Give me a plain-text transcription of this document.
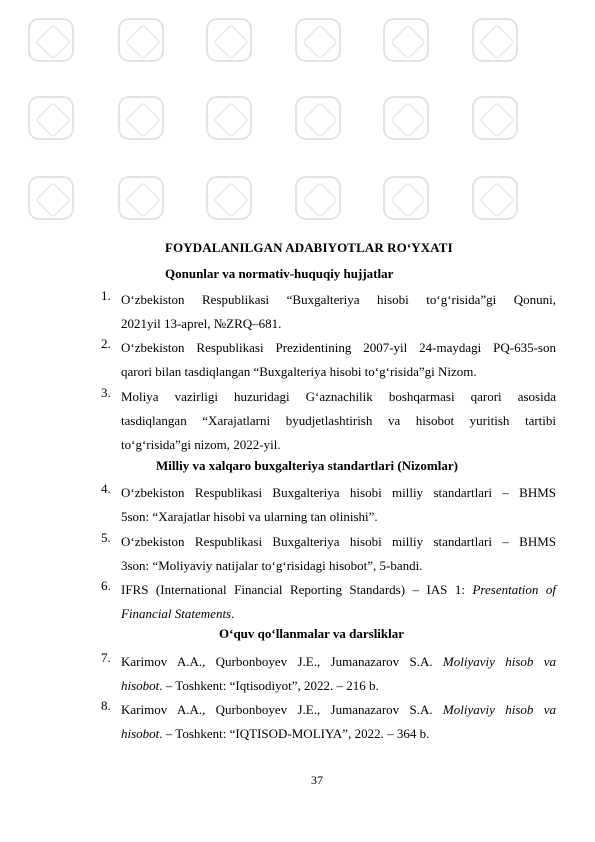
FOYDALANILGAN ADABIYOTLAR RO‘YXATI
Qonunlar va normativ-huquqiy hujjatlar
1. O‘zbekiston Respublikasi “Buxgalteriya hisobi to‘g‘risida”gi Qonuni,
2021yil 13-aprel, №ZRQ–681.
2. O‘zbekiston Respublikasi Prezidentining 2007-yil 24-maydagi PQ-635-son
qarori bilan tasdiqlangan “Buxgalteriya hisobi to‘g‘risida”gi Nizom.
3. Moliya vazirligi huzuridagi G‘aznachilik boshqarmasi qarori asosida
tasdiqlangan “Xarajatlarni byudjetlashtirish va hisobot yuritish tartibi
to‘g‘risida”gi nizom, 2022-yil.
Milliy va xalqaro buxgalteriya standartlari (Nizomlar)
4. O‘zbekiston Respublikasi Buxgalteriya hisobi milliy standartlari – BHMS
5son: “Xarajatlar hisobi va ularning tan olinishi”.
5. O‘zbekiston Respublikasi Buxgalteriya hisobi milliy standartlari – BHMS
3son: “Moliyaviy natijalar to‘g‘risidagi hisobot”, 5-bandi.
6. IFRS (International Financial Reporting Standards) – IAS 1: Presentation of
Financial Statements.
O‘quv qo‘llanmalar va darsliklar
7. Karimov A.A., Qurbonboyev J.E., Jumanazarov S.A. Moliyaviy hisob va
hisobot. – Toshkent: “Iqtisodiyot”, 2022. – 216 b.
8. Karimov A.A., Qurbonboyev J.E., Jumanazarov S.A. Moliyaviy hisob va
hisobot. – Toshkent: “IQTISOD-MOLIYA”, 2022. – 364 b.
37
